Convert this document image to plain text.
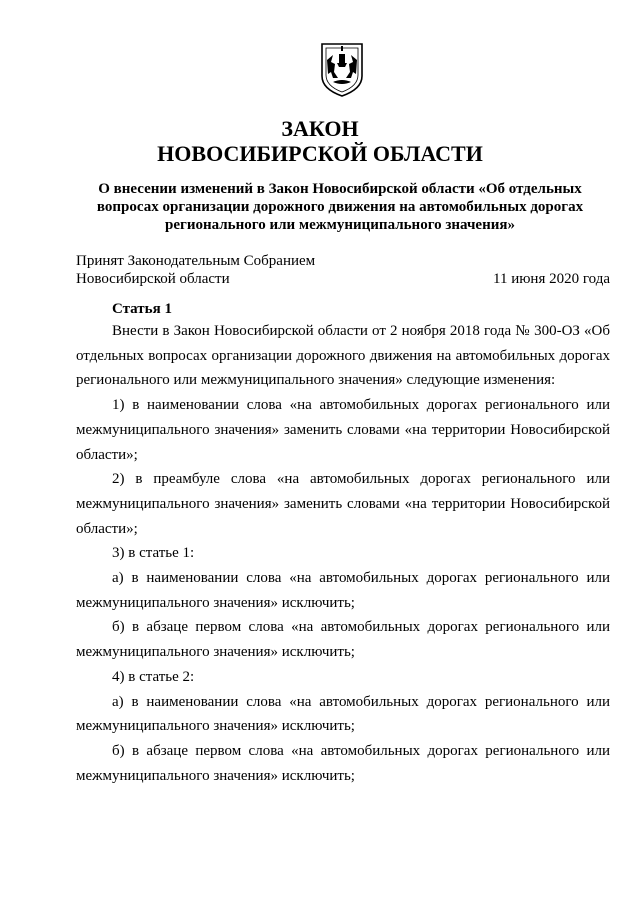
ЗАКОН
НОВОСИБИРСКОЙ ОБЛАСТИ

О внесении изменений в Закон Новосибирской области «Об отдельных вопросах организации дорожного движения на автомобильных дорогах регионального или межмуниципального значения»

Принят Законодательным Собранием
Новосибирской области	11 июня 2020 года
Статья 1

Внести в Закон Новосибирской области от 2 ноября 2018 года № 300-ОЗ «Об отдельных вопросах организации дорожного движения на автомобильных дорогах регионального или межмуниципального значения» следующие изменения:

1) в наименовании слова «на автомобильных дорогах регионального или межмуниципального значения» заменить словами «на территории Новосибирской области»;

2) в преамбуле слова «на автомобильных дорогах регионального или межмуниципального значения» заменить словами «на территории Новосибирской области»;

3) в статье 1:

а) в наименовании слова «на автомобильных дорогах регионального или межмуниципального значения» исключить;

б) в абзаце первом слова «на автомобильных дорогах регионального или межмуниципального значения» исключить;

4) в статье 2:

а) в наименовании слова «на автомобильных дорогах регионального или межмуниципального значения» исключить;

б) в абзаце первом слова «на автомобильных дорогах регионального или межмуниципального значения» исключить;
